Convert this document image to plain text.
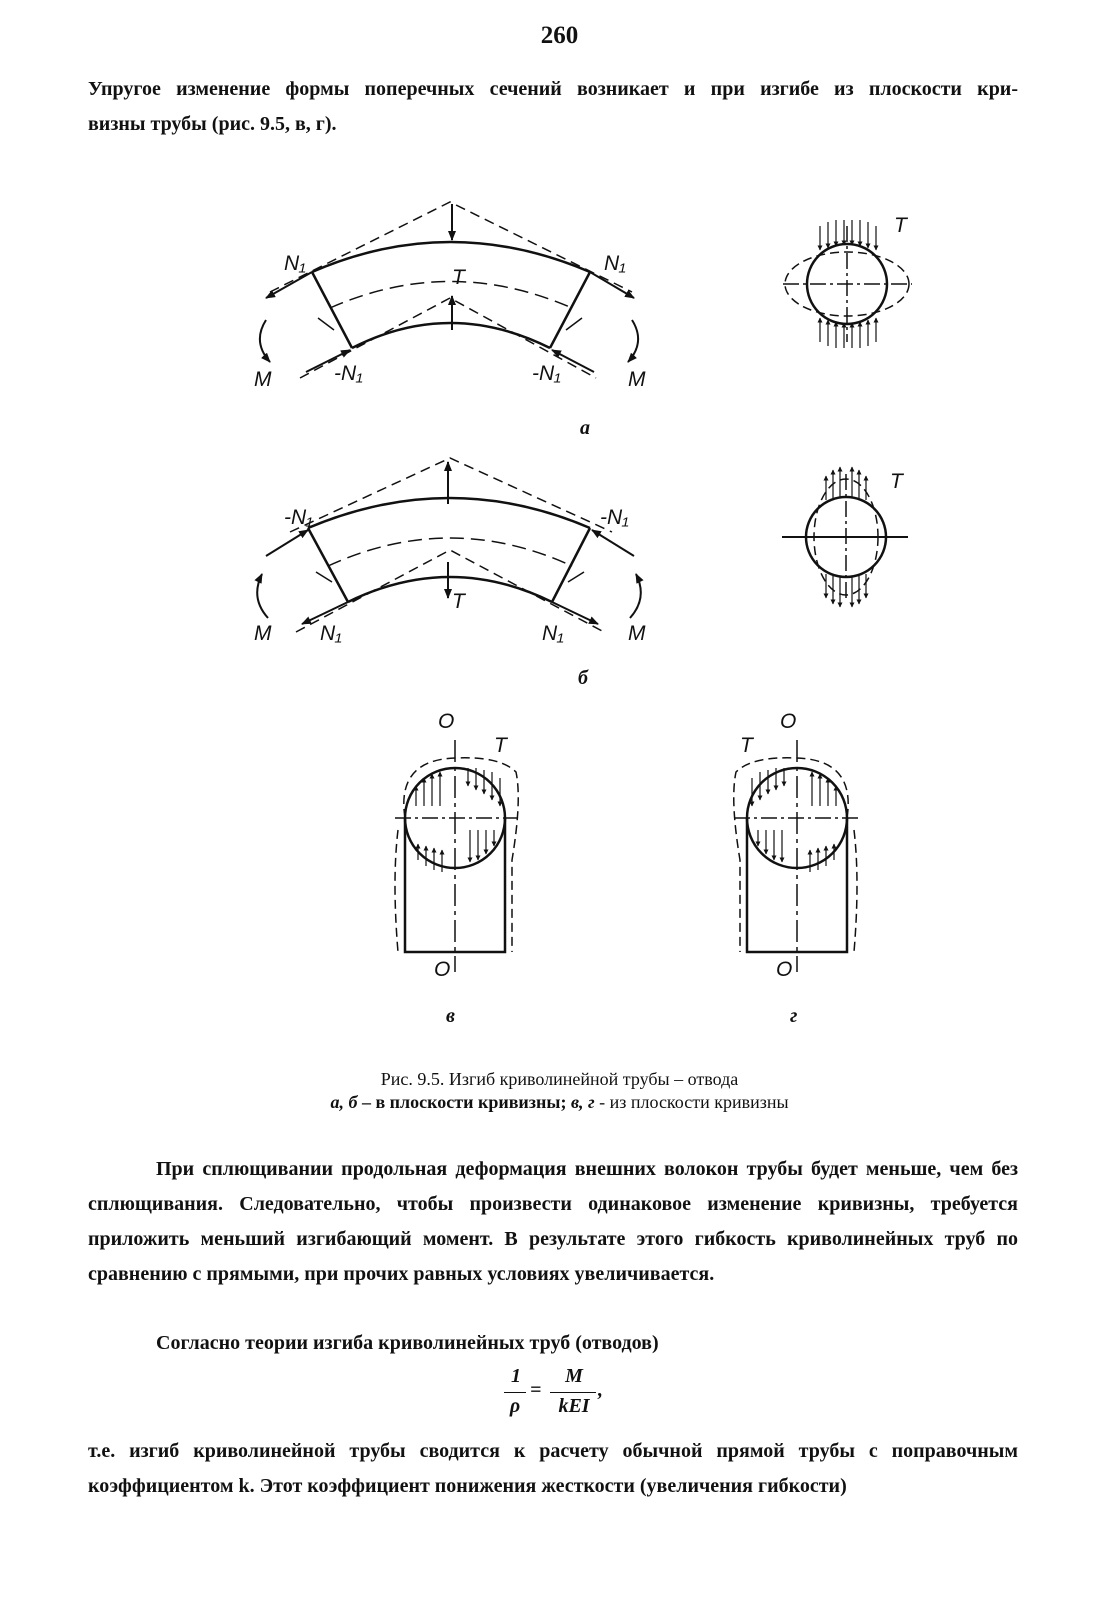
260

Упругое изменение формы поперечных сечений возникает и при изгибе из плоскости кри-
визны трубы (рис. 9.5, в, г).

N₁	N₁
T
M	M
-N₁	-N₁
а
T
-N₁	-N₁
T
M	M
N₁	N₁
б
T
O
O
T
в
O
O
T
г
Рис. 9.5. Изгиб криволинейной трубы – отвода
а, б – в плоскости кривизны; в, г - из плоскости кривизны

При сплющивании продольная деформация внешних волокон трубы будет меньше, чем без сплющивания. Следовательно, чтобы произвести одинаковое изменение кривизны, требуется приложить меньший изгибающий момент. В результате этого гибкость криволинейных труб по сравнению с прямыми, при прочих равных условиях увеличивается.

Согласно теории изгиба криволинейных труб (отводов)

1
ρ
=
M
kEI
,

т.е. изгиб криволинейной трубы сводится к расчету обычной прямой трубы с поправочным коэффициентом k. Этот коэффициент понижения жесткости (увеличения гибкости)
